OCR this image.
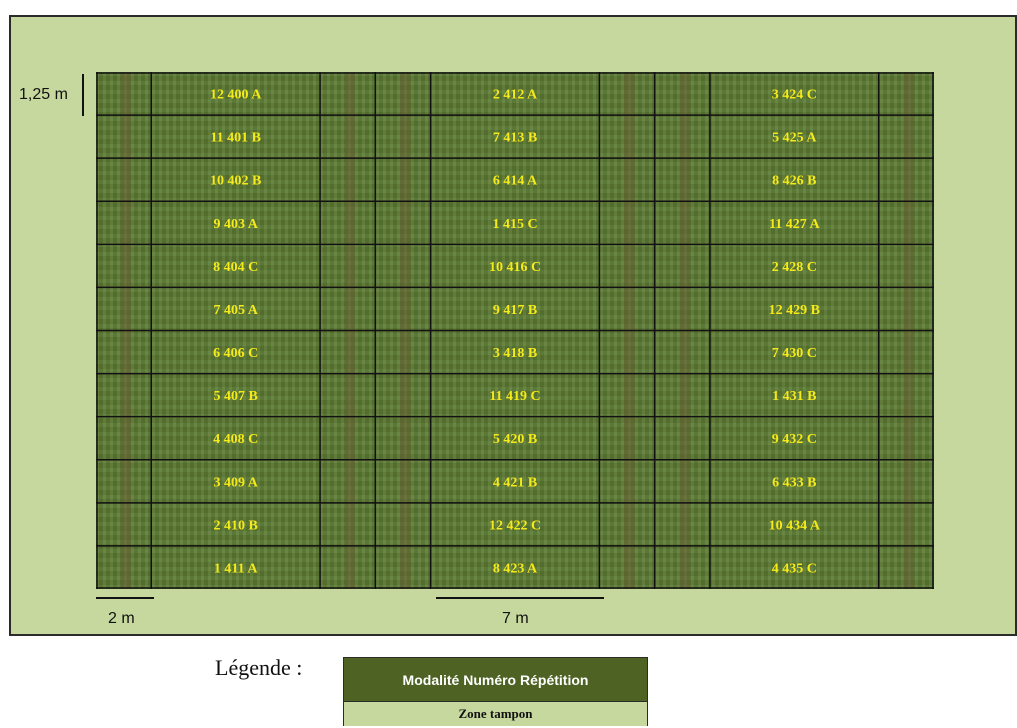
12 400 A
11 401 B
10 402 B
9 403 A
8 404 C
7 405 A
6 406 C
5 407 B
4 408 C
3 409 A
2 410 B
1 411 A
2 412 A
7 413 B
6 414 A
1 415 C
10 416 C
9 417 B
3 418 B
11 419 C
5 420 B
4 421 B
12 422 C
8 423 A
3 424 C
5 425 A
8 426 B
11 427 A
2 428 C
12 429 B
7 430 C
1 431 B
9 432 C
6 433 B
10 434 A
4 435 C
1,25 m
2 m	7 m
Légende :	Modalité Numéro Répétition
Zone tampon
